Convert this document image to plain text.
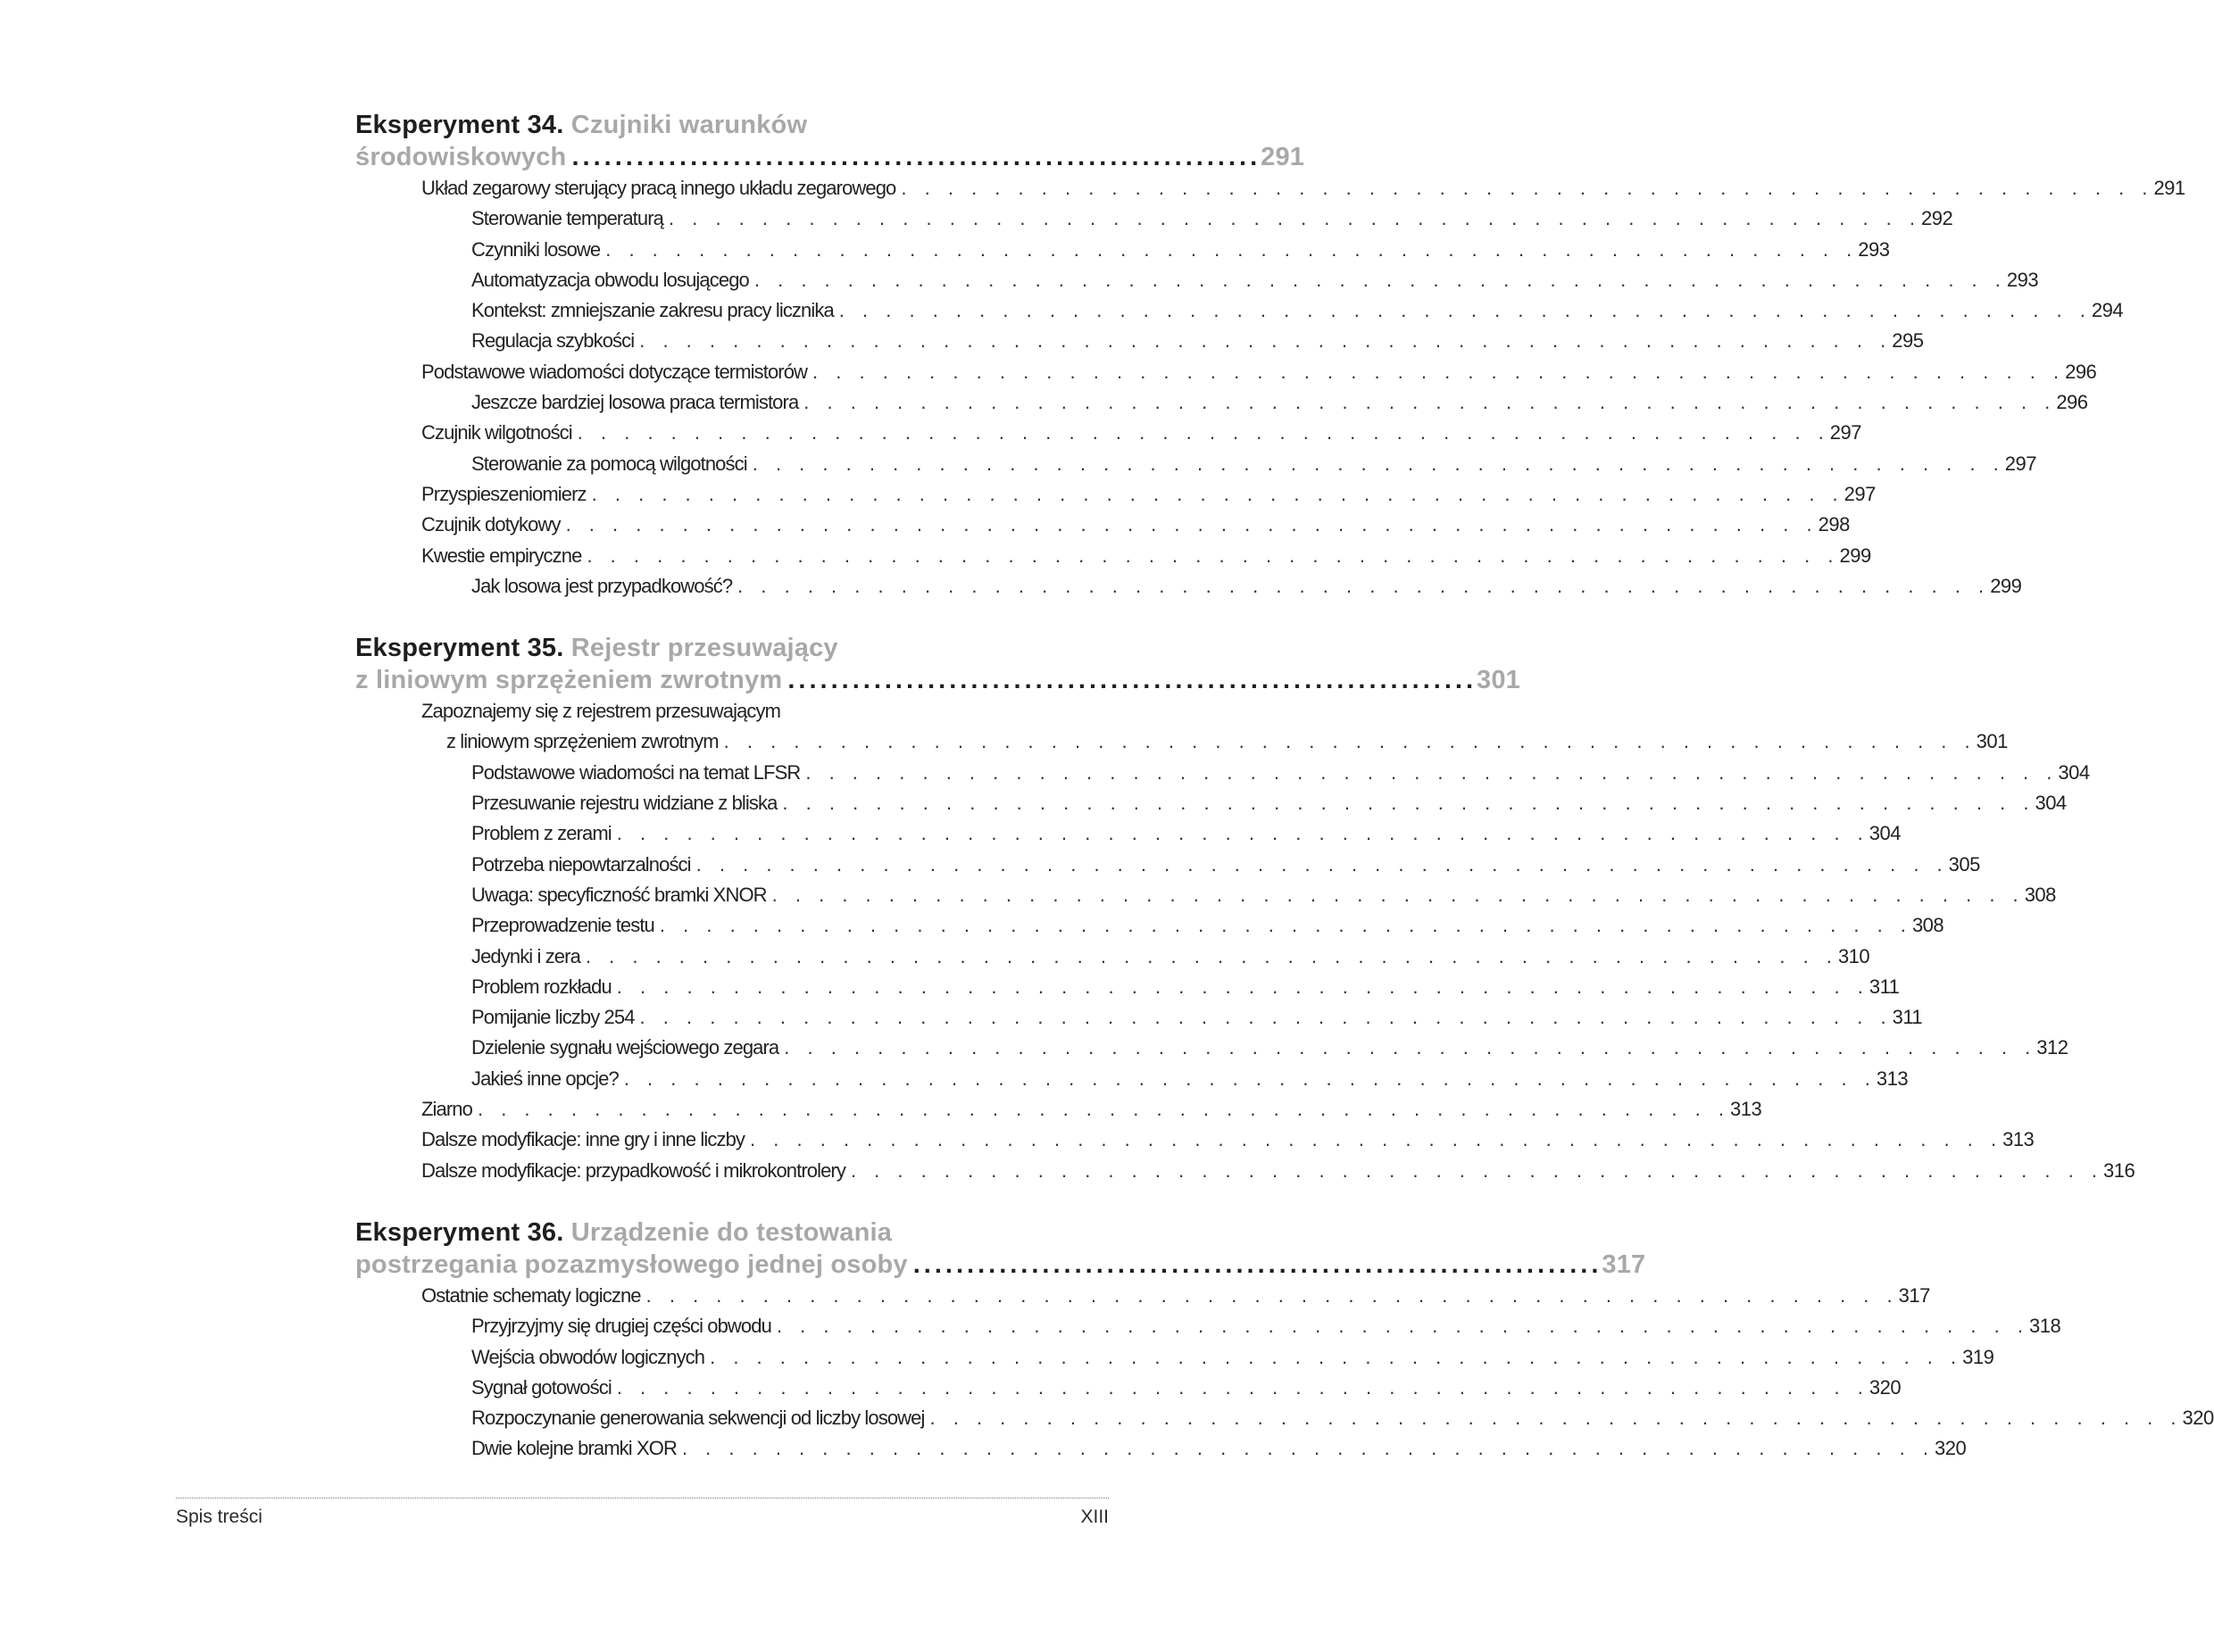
Eksperyment 34. Czujniki warunków
środowiskowych ................................................................ 291
Układ zegarowy sterujący pracą innego układu zegarowego . . . . . . . . . . . . . . . . . . . . . . . . . . . . . . . . . . . . . . . . . . . . . . . . . . . . . . 291
Sterowanie temperaturą . . . . . . . . . . . . . . . . . . . . . . . . . . . . . . . . . . . . . . . . . . . . . . . . . . . . . . 292
Czynniki losowe . . . . . . . . . . . . . . . . . . . . . . . . . . . . . . . . . . . . . . . . . . . . . . . . . . . . . . 293
Automatyzacja obwodu losującego . . . . . . . . . . . . . . . . . . . . . . . . . . . . . . . . . . . . . . . . . . . . . . . . . . . . . . 293
Kontekst: zmniejszanie zakresu pracy licznika . . . . . . . . . . . . . . . . . . . . . . . . . . . . . . . . . . . . . . . . . . . . . . . . . . . . . . 294
Regulacja szybkości . . . . . . . . . . . . . . . . . . . . . . . . . . . . . . . . . . . . . . . . . . . . . . . . . . . . . . 295
Podstawowe wiadomości dotyczące termistorów . . . . . . . . . . . . . . . . . . . . . . . . . . . . . . . . . . . . . . . . . . . . . . . . . . . . . . 296
Jeszcze bardziej losowa praca termistora . . . . . . . . . . . . . . . . . . . . . . . . . . . . . . . . . . . . . . . . . . . . . . . . . . . . . . 296
Czujnik wilgotności . . . . . . . . . . . . . . . . . . . . . . . . . . . . . . . . . . . . . . . . . . . . . . . . . . . . . . 297
Sterowanie za pomocą wilgotności . . . . . . . . . . . . . . . . . . . . . . . . . . . . . . . . . . . . . . . . . . . . . . . . . . . . . . 297
Przyspieszeniomierz . . . . . . . . . . . . . . . . . . . . . . . . . . . . . . . . . . . . . . . . . . . . . . . . . . . . . . 297
Czujnik dotykowy . . . . . . . . . . . . . . . . . . . . . . . . . . . . . . . . . . . . . . . . . . . . . . . . . . . . . . 298
Kwestie empiryczne . . . . . . . . . . . . . . . . . . . . . . . . . . . . . . . . . . . . . . . . . . . . . . . . . . . . . . 299
Jak losowa jest przypadkowość? . . . . . . . . . . . . . . . . . . . . . . . . . . . . . . . . . . . . . . . . . . . . . . . . . . . . . . 299
Eksperyment 35. Rejestr przesuwający
z liniowym sprzężeniem zwrotnym ................................................................ 301
Zapoznajemy się z rejestrem przesuwającym
z liniowym sprzężeniem zwrotnym . . . . . . . . . . . . . . . . . . . . . . . . . . . . . . . . . . . . . . . . . . . . . . . . . . . . . . 301
Podstawowe wiadomości na temat LFSR . . . . . . . . . . . . . . . . . . . . . . . . . . . . . . . . . . . . . . . . . . . . . . . . . . . . . . 304
Przesuwanie rejestru widziane z bliska . . . . . . . . . . . . . . . . . . . . . . . . . . . . . . . . . . . . . . . . . . . . . . . . . . . . . . 304
Problem z zerami . . . . . . . . . . . . . . . . . . . . . . . . . . . . . . . . . . . . . . . . . . . . . . . . . . . . . . 304
Potrzeba niepowtarzalności . . . . . . . . . . . . . . . . . . . . . . . . . . . . . . . . . . . . . . . . . . . . . . . . . . . . . . 305
Uwaga: specyficzność bramki XNOR . . . . . . . . . . . . . . . . . . . . . . . . . . . . . . . . . . . . . . . . . . . . . . . . . . . . . . 308
Przeprowadzenie testu . . . . . . . . . . . . . . . . . . . . . . . . . . . . . . . . . . . . . . . . . . . . . . . . . . . . . . 308
Jedynki i zera . . . . . . . . . . . . . . . . . . . . . . . . . . . . . . . . . . . . . . . . . . . . . . . . . . . . . . 310
Problem rozkładu . . . . . . . . . . . . . . . . . . . . . . . . . . . . . . . . . . . . . . . . . . . . . . . . . . . . . . 311
Pomijanie liczby 254 . . . . . . . . . . . . . . . . . . . . . . . . . . . . . . . . . . . . . . . . . . . . . . . . . . . . . . 311
Dzielenie sygnału wejściowego zegara . . . . . . . . . . . . . . . . . . . . . . . . . . . . . . . . . . . . . . . . . . . . . . . . . . . . . . 312
Jakieś inne opcje? . . . . . . . . . . . . . . . . . . . . . . . . . . . . . . . . . . . . . . . . . . . . . . . . . . . . . . 313
Ziarno . . . . . . . . . . . . . . . . . . . . . . . . . . . . . . . . . . . . . . . . . . . . . . . . . . . . . . 313
Dalsze modyfikacje: inne gry i inne liczby . . . . . . . . . . . . . . . . . . . . . . . . . . . . . . . . . . . . . . . . . . . . . . . . . . . . . . 313
Dalsze modyfikacje: przypadkowość i mikrokontrolery . . . . . . . . . . . . . . . . . . . . . . . . . . . . . . . . . . . . . . . . . . . . . . . . . . . . . . 316
Eksperyment 36. Urządzenie do testowania
postrzegania pozazmysłowego jednej osoby ................................................................ 317
Ostatnie schematy logiczne . . . . . . . . . . . . . . . . . . . . . . . . . . . . . . . . . . . . . . . . . . . . . . . . . . . . . . 317
Przyjrzyjmy się drugiej części obwodu . . . . . . . . . . . . . . . . . . . . . . . . . . . . . . . . . . . . . . . . . . . . . . . . . . . . . . 318
Wejścia obwodów logicznych . . . . . . . . . . . . . . . . . . . . . . . . . . . . . . . . . . . . . . . . . . . . . . . . . . . . . . 319
Sygnał gotowości . . . . . . . . . . . . . . . . . . . . . . . . . . . . . . . . . . . . . . . . . . . . . . . . . . . . . . 320
Rozpoczynanie generowania sekwencji od liczby losowej . . . . . . . . . . . . . . . . . . . . . . . . . . . . . . . . . . . . . . . . . . . . . . . . . . . . . . 320
Dwie kolejne bramki XOR . . . . . . . . . . . . . . . . . . . . . . . . . . . . . . . . . . . . . . . . . . . . . . . . . . . . . . 320
Spis treści	XIII
